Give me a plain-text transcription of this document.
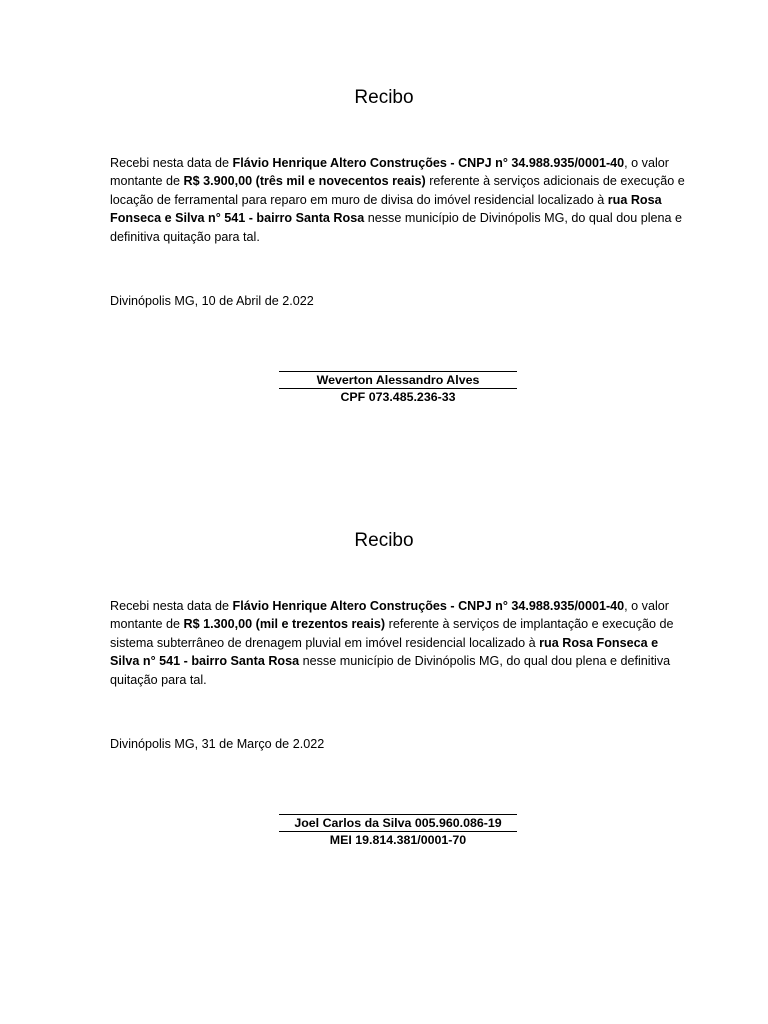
Recibo

Recebi nesta data de Flávio Henrique Altero Construções - CNPJ n° 34.988.935/0001-40, o valor montante de R$ 3.900,00 (três mil e novecentos reais) referente à serviços adicionais de execução e locação de ferramental para reparo em muro de divisa do imóvel residencial localizado à rua Rosa Fonseca e Silva n° 541 - bairro Santa Rosa nesse município de Divinópolis MG, do qual dou plena e definitiva quitação para tal.

Divinópolis MG, 10 de Abril de 2.022
Weverton Alessandro Alves
CPF 073.485.236-33
Recibo

Recebi nesta data de Flávio Henrique Altero Construções - CNPJ n° 34.988.935/0001-40, o valor montante de R$ 1.300,00 (mil e trezentos reais) referente à serviços de implantação e execução de sistema subterrâneo de drenagem pluvial em imóvel residencial localizado à rua Rosa Fonseca e Silva n° 541 - bairro Santa Rosa nesse município de Divinópolis MG, do qual dou plena e definitiva quitação para tal.

Divinópolis MG, 31 de Março de 2.022
Joel Carlos da Silva 005.960.086-19
MEI 19.814.381/0001-70
